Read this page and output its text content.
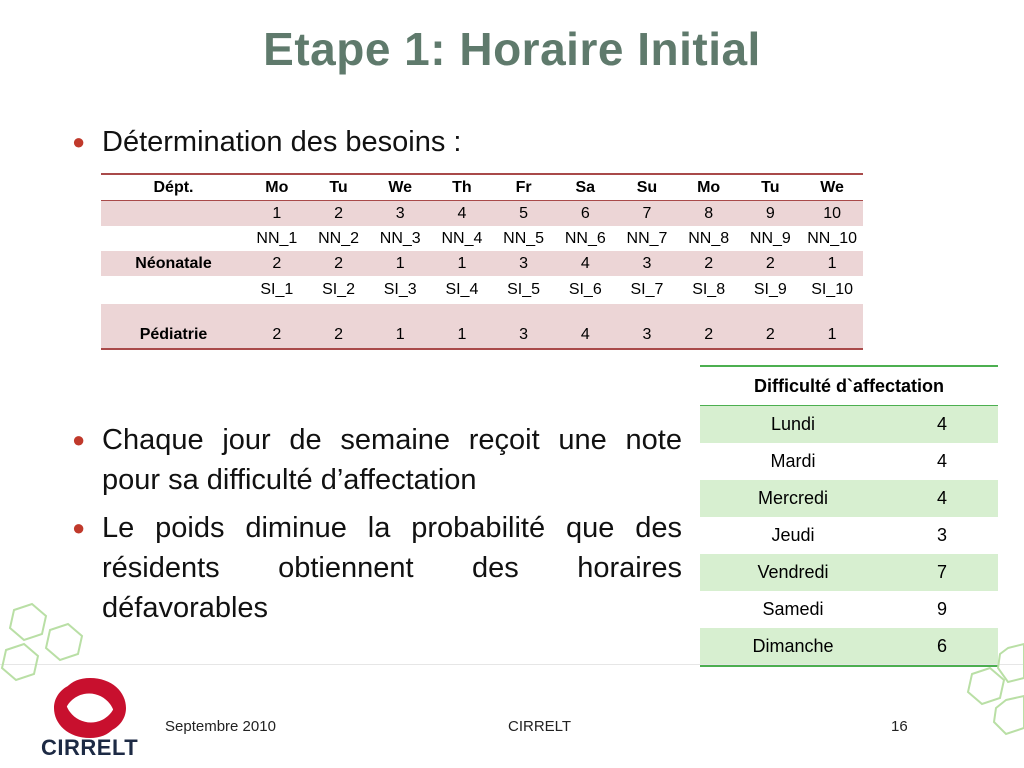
Etape 1: Horaire Initial
● Détermination des besoins :
Dépt.	Mo	Tu	We	Th	Fr	Sa	Su	Mo	Tu	We
	1	2	3	4	5	6	7	8	9	10
	NN_1	NN_2	NN_3	NN_4	NN_5	NN_6	NN_7	NN_8	NN_9	NN_10
Néonatale	2	2	1	1	3	4	3	2	2	1
	SI_1	SI_2	SI_3	SI_4	SI_5	SI_6	SI_7	SI_8	SI_9	SI_10
Pédiatrie	2	2	1	1	3	4	3	2	2	1
● Chaque jour de semaine reçoit une note pour sa difficulté d’affectation
● Le poids diminue la probabilité que des résidents obtiennent des horaires défavorables
Difficulté d`affectation	
Lundi	4
Mardi	4
Mercredi	4
Jeudi	3
Vendredi	7
Samedi	9
Dimanche	6
CIRRELT
Septembre 2010	CIRRELT	16
